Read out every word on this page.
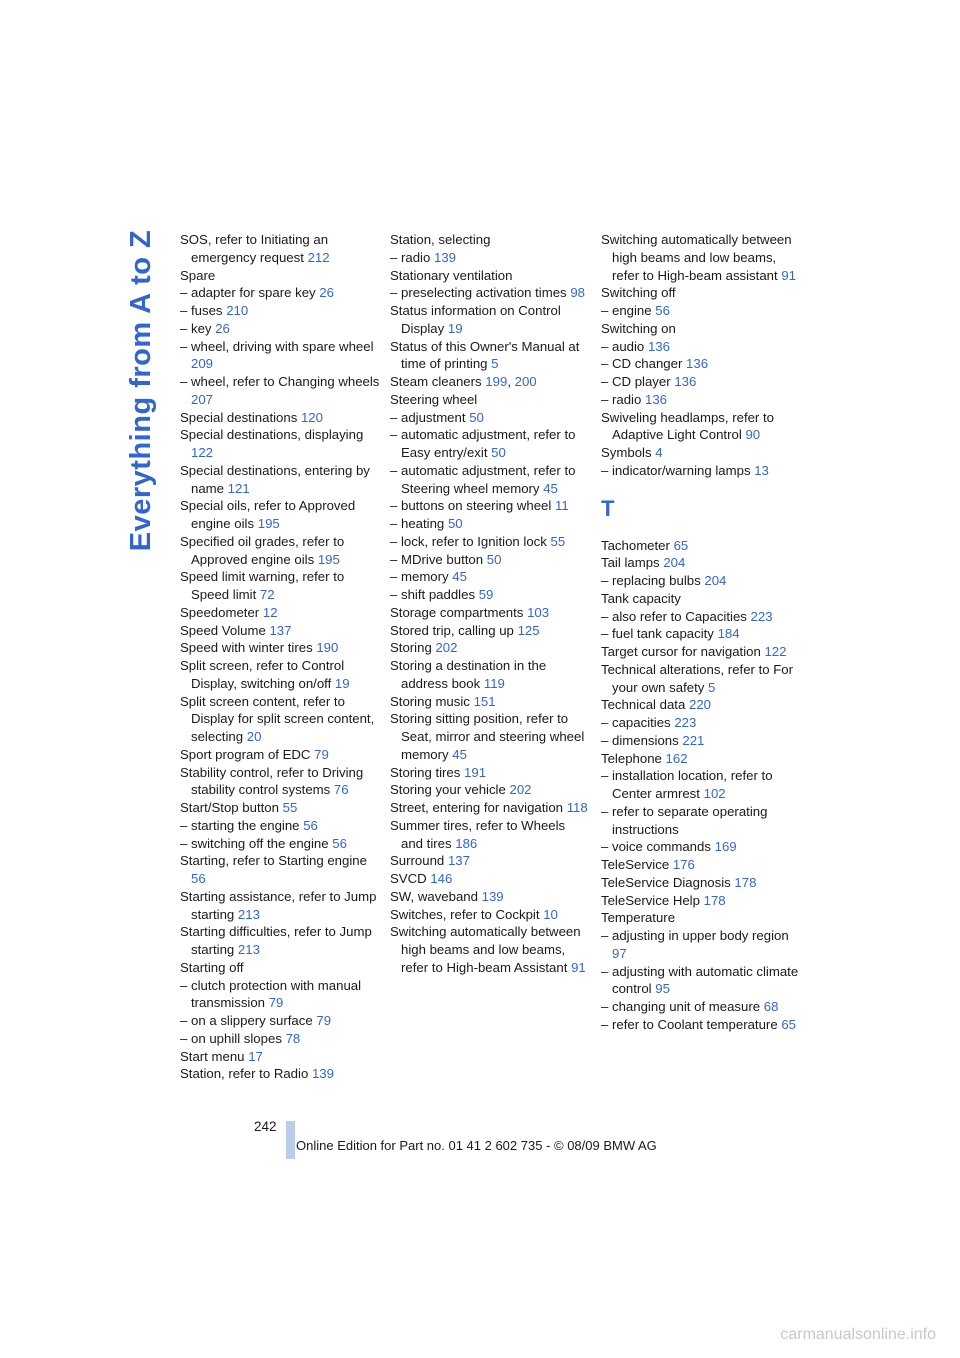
Everything from A to Z SOS, refer to Initiating an emergency request 212
Spare
– adapter for spare key 26
– fuses 210
– key 26
– wheel, driving with spare wheel 209
– wheel, refer to Changing wheels 207
Special destinations 120
Special destinations, displaying 122
Special destinations, entering by name 121
Special oils, refer to Approved engine oils 195
Specified oil grades, refer to Approved engine oils 195
Speed limit warning, refer to Speed limit 72
Speedometer 12
Speed Volume 137
Speed with winter tires 190
Split screen, refer to Control Display, switching on/off 19
Split screen content, refer to Display for split screen content, selecting 20
Sport program of EDC 79
Stability control, refer to Driving stability control systems 76
Start/Stop button 55
– starting the engine 56
– switching off the engine 56
Starting, refer to Starting engine 56
Starting assistance, refer to Jump starting 213
Starting difficulties, refer to Jump starting 213
Starting off
– clutch protection with manual transmission 79
– on a slippery surface 79
– on uphill slopes 78
Start menu 17
Station, refer to Radio 139
Station, selecting
– radio 139
Stationary ventilation
– preselecting activation times 98
Status information on Control Display 19
Status of this Owner's Manual at time of printing 5
Steam cleaners 199, 200
Steering wheel
– adjustment 50
– automatic adjustment, refer to Easy entry/exit 50
– automatic adjustment, refer to Steering wheel memory 45
– buttons on steering wheel 11
– heating 50
– lock, refer to Ignition lock 55
– MDrive button 50
– memory 45
– shift paddles 59
Storage compartments 103
Stored trip, calling up 125
Storing 202
Storing a destination in the address book 119
Storing music 151
Storing sitting position, refer to Seat, mirror and steering wheel memory 45
Storing tires 191
Storing your vehicle 202
Street, entering for navigation 118
Summer tires, refer to Wheels and tires 186
Surround 137
SVCD 146
SW, waveband 139
Switches, refer to Cockpit 10
Switching automatically between high beams and low beams, refer to High-beam Assistant 91
Switching automatically between high beams and low beams, refer to High-beam assistant 91
Switching off
– engine 56
Switching on
– audio 136
– CD changer 136
– CD player 136
– radio 136
Swiveling headlamps, refer to Adaptive Light Control 90
Symbols 4
– indicator/warning lamps 13
T
Tachometer 65
Tail lamps 204
– replacing bulbs 204
Tank capacity
– also refer to Capacities 223
– fuel tank capacity 184
Target cursor for navigation 122
Technical alterations, refer to For your own safety 5
Technical data 220
– capacities 223
– dimensions 221
Telephone 162
– installation location, refer to Center armrest 102
– refer to separate operating instructions
– voice commands 169
TeleService 176
TeleService Diagnosis 178
TeleService Help 178
Temperature
– adjusting in upper body region 97
– adjusting with automatic climate control 95
– changing unit of measure 68
– refer to Coolant temperature 65
242
Online Edition for Part no. 01 41 2 602 735 - © 08/09 BMW AG
carmanualsonline.info
